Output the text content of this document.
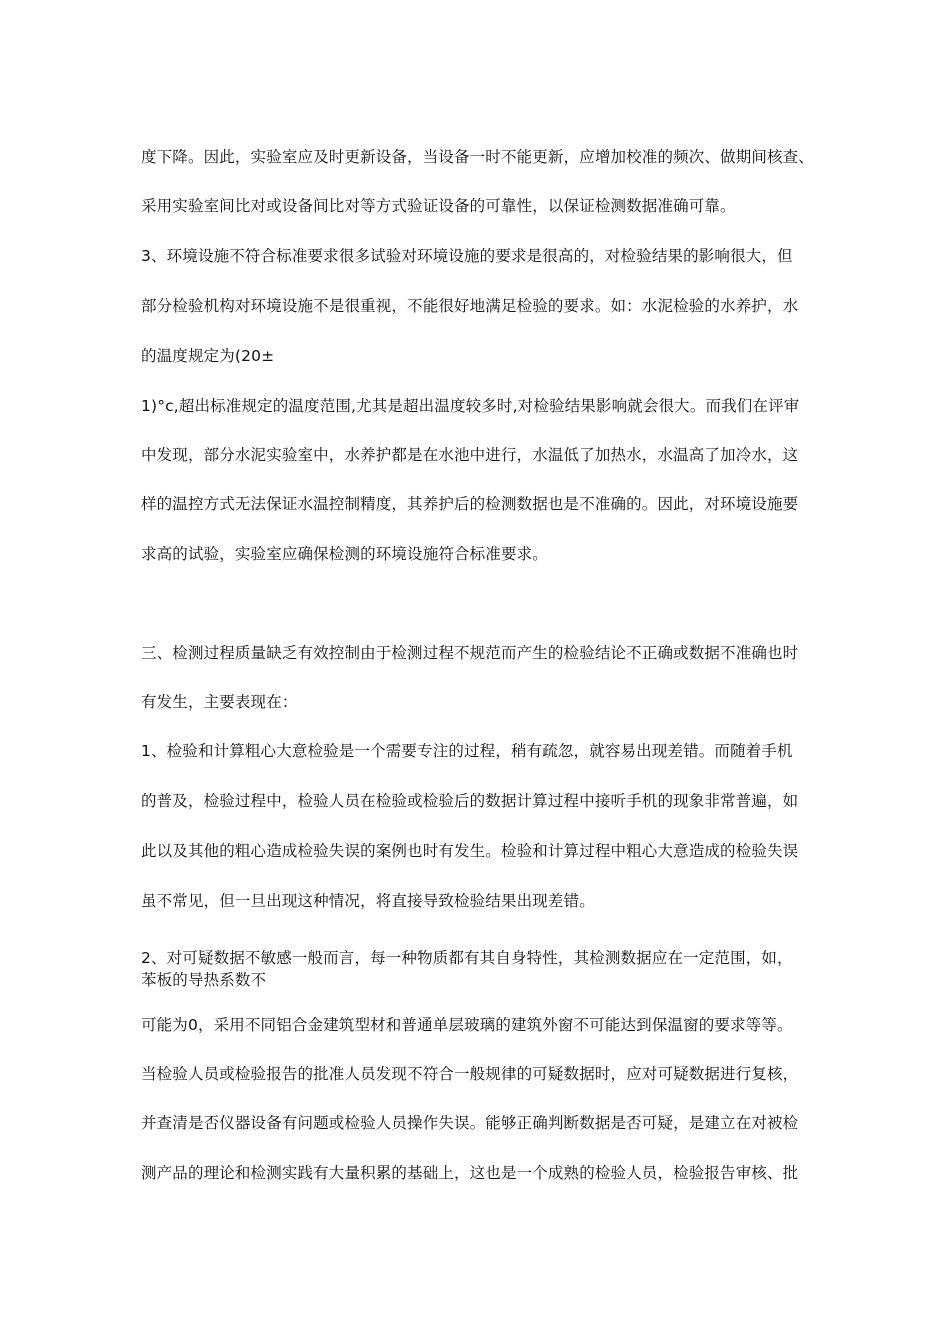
度下降。因此，实验室应及时更新设备，当设备一时不能更新，应增加校准的频次、做期间核查、
采用实验室间比对或设备间比对等方式验证设备的可靠性，以保证检测数据准确可靠。
3、环境设施不符合标准要求很多试验对环境设施的要求是很高的，对检验结果的影响很大，但
部分检验机构对环境设施不是很重视，不能很好地满足检验的要求。如：水泥检验的水养护，水
的温度规定为(20±
1)°c,超出标准规定的温度范围,尤其是超出温度较多时,对检验结果影响就会很大。而我们在评审
中发现，部分水泥实验室中，水养护都是在水池中进行，水温低了加热水，水温高了加冷水，这
样的温控方式无法保证水温控制精度，其养护后的检测数据也是不准确的。因此，对环境设施要
求高的试验，实验室应确保检测的环境设施符合标准要求。
三、检测过程质量缺乏有效控制由于检测过程不规范而产生的检验结论不正确或数据不准确也时
有发生，主要表现在：
1、检验和计算粗心大意检验是一个需要专注的过程，稍有疏忽，就容易出现差错。而随着手机
的普及，检验过程中，检验人员在检验或检验后的数据计算过程中接听手机的现象非常普遍，如
此以及其他的粗心造成检验失误的案例也时有发生。检验和计算过程中粗心大意造成的检验失误
虽不常见，但一旦出现这种情况，将直接导致检验结果出现差错。
2、对可疑数据不敏感一般而言，每一种物质都有其自身特性，其检测数据应在一定范围，如，
苯板的导热系数不
可能为0，采用不同铝合金建筑型材和普通单层玻璃的建筑外窗不可能达到保温窗的要求等等。
当检验人员或检验报告的批准人员发现不符合一般规律的可疑数据时，应对可疑数据进行复核，
并查清是否仪器设备有问题或检验人员操作失误。能够正确判断数据是否可疑，是建立在对被检
测产品的理论和检测实践有大量积累的基础上，这也是一个成熟的检验人员，检验报告审核、批
